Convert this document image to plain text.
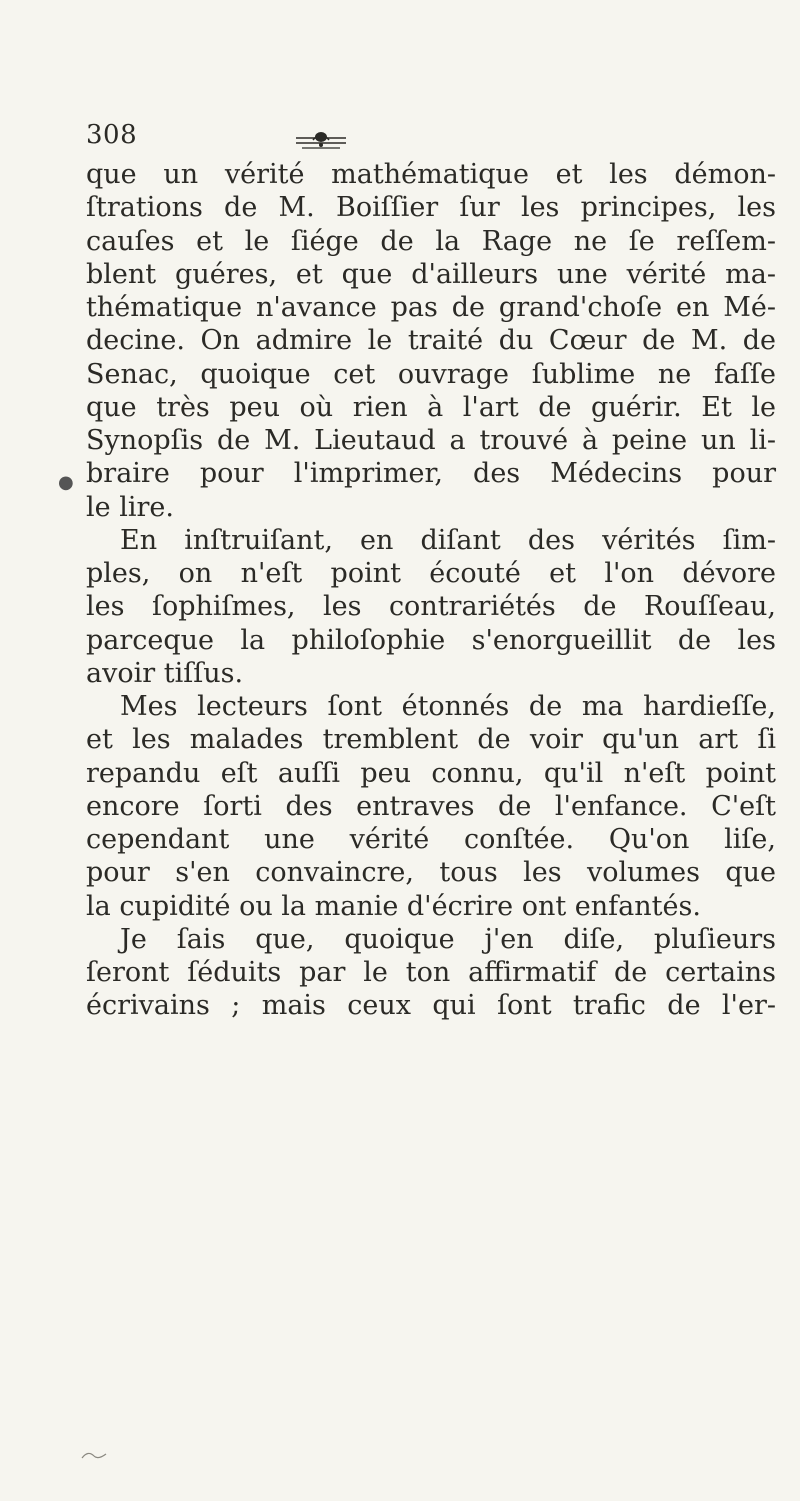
308
●
que un vérité mathématique et les démon-
ſtrations de M. Boiſſier ſur les principes, les
cauſes et le ſiége de la Rage ne ſe reſſem-
blent guéres, et que d'ailleurs une vérité ma-
thématique n'avance pas de grand'choſe en Mé-
decine. On admire le traité du Cœur de M. de
Senac, quoique cet ouvrage ſublime ne faſſe
que très peu où rien à l'art de guérir. Et le
Synopſis de M. Lieutaud a trouvé à peine un li-
braire pour l'imprimer, des Médecins pour
le lire.
En inſtruiſant, en diſant des vérités ſim-
ples, on n'eſt point écouté et l'on dévore
les ſophiſmes, les contrariétés de Rouſſeau,
parceque la philoſophie s'enorgueillit de les
avoir tiſſus.
Mes lecteurs ſont étonnés de ma hardieſſe,
et les malades tremblent de voir qu'un art ſi
repandu eſt auſſi peu connu, qu'il n'eſt point
encore ſorti des entraves de l'enfance. C'eſt
cependant une vérité conſtée. Qu'on liſe,
pour s'en convaincre, tous les volumes que
la cupidité ou la manie d'écrire ont enfantés.
Je ſais que, quoique j'en diſe, pluſieurs
ſeront ſéduits par le ton affirmatif de certains
écrivains ; mais ceux qui ſont trafic de l'er-
